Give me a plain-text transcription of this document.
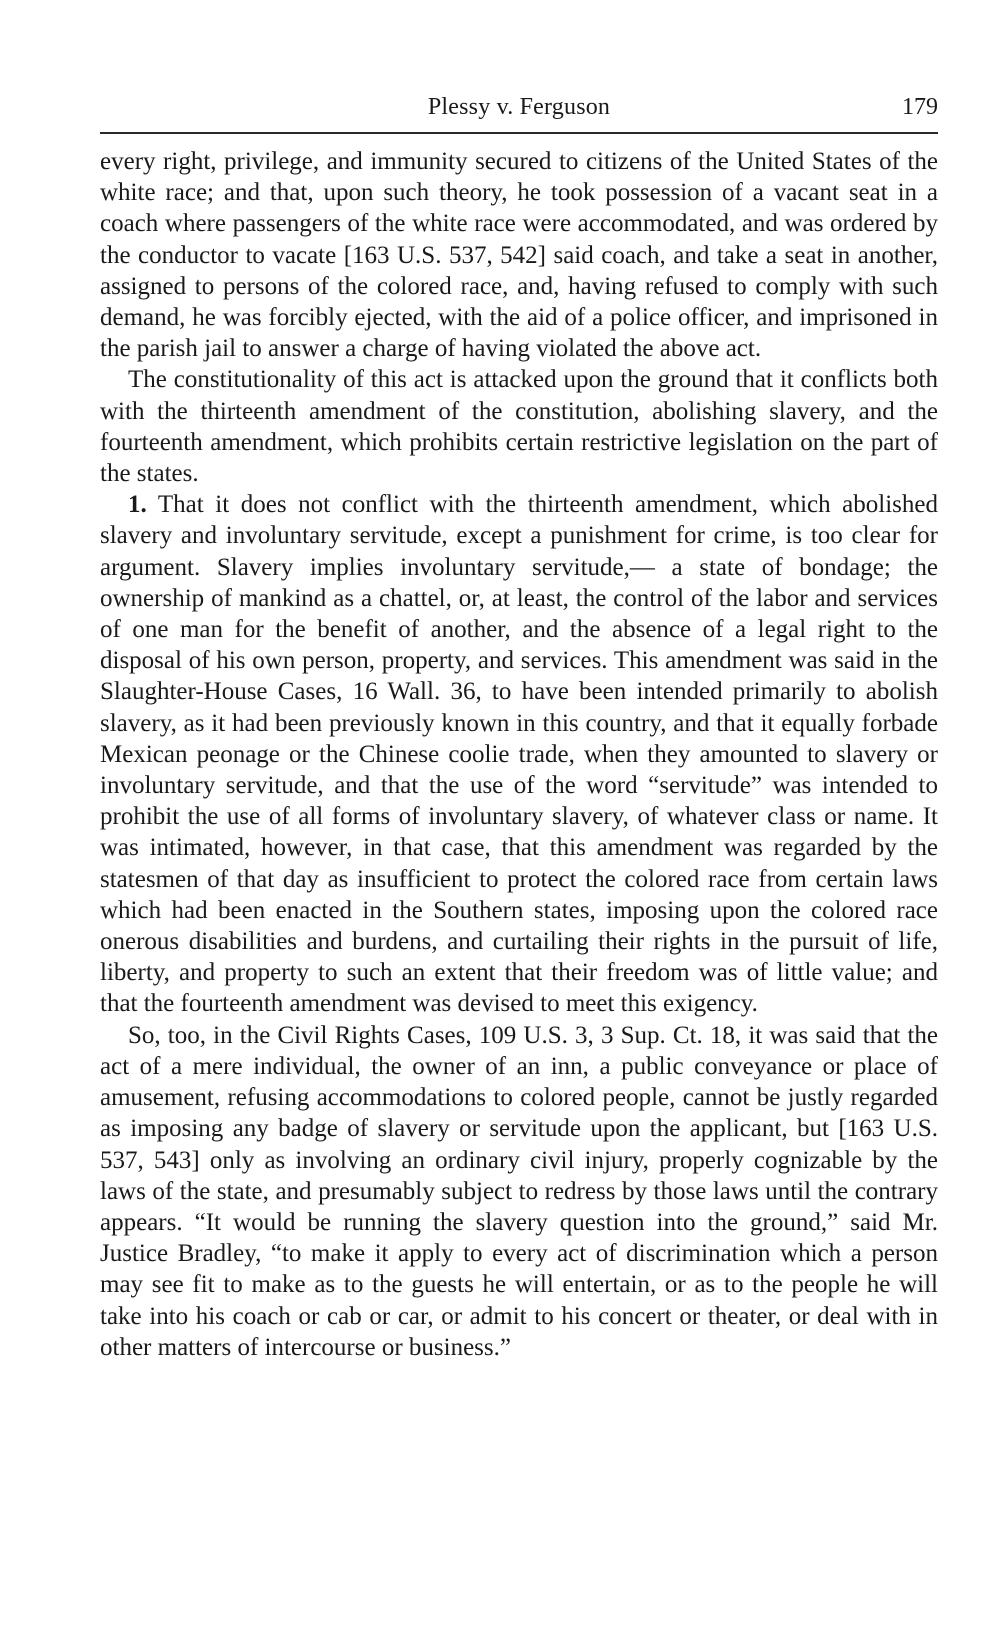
Plessy v. Ferguson	179

every right, privilege, and immunity secured to citizens of the United States of the white race; and that, upon such theory, he took possession of a vacant seat in a coach where passengers of the white race were accommodated, and was ordered by the conductor to vacate [163 U.S. 537, 542] said coach, and take a seat in another, assigned to persons of the colored race, and, having refused to comply with such demand, he was forcibly ejected, with the aid of a police officer, and imprisoned in the parish jail to answer a charge of having violated the above act.

The constitutionality of this act is attacked upon the ground that it conflicts both with the thirteenth amendment of the constitution, abolishing slavery, and the fourteenth amendment, which prohibits certain restrictive legislation on the part of the states.

1. That it does not conflict with the thirteenth amendment, which abolished slavery and involuntary servitude, except a punishment for crime, is too clear for argument. Slavery implies involuntary servitude,— a state of bondage; the ownership of mankind as a chattel, or, at least, the control of the labor and services of one man for the benefit of another, and the absence of a legal right to the disposal of his own person, property, and services. This amendment was said in the Slaughter-House Cases, 16 Wall. 36, to have been intended primarily to abolish slavery, as it had been previously known in this country, and that it equally forbade Mexican peonage or the Chinese coolie trade, when they amounted to slavery or involuntary servitude, and that the use of the word “servitude” was intended to prohibit the use of all forms of involuntary slavery, of whatever class or name. It was intimated, however, in that case, that this amendment was regarded by the statesmen of that day as insufficient to protect the colored race from certain laws which had been enacted in the Southern states, imposing upon the colored race onerous disabilities and burdens, and curtailing their rights in the pursuit of life, liberty, and property to such an extent that their freedom was of little value; and that the fourteenth amendment was devised to meet this exigency.

So, too, in the Civil Rights Cases, 109 U.S. 3, 3 Sup. Ct. 18, it was said that the act of a mere individual, the owner of an inn, a public conveyance or place of amusement, refusing accommodations to colored people, cannot be justly regarded as imposing any badge of slavery or servitude upon the applicant, but [163 U.S. 537, 543] only as involving an ordinary civil injury, properly cognizable by the laws of the state, and presumably subject to redress by those laws until the contrary appears. “It would be running the slavery question into the ground,” said Mr. Justice Bradley, “to make it apply to every act of discrimination which a person may see fit to make as to the guests he will entertain, or as to the people he will take into his coach or cab or car, or admit to his concert or theater, or deal with in other matters of intercourse or business.”
